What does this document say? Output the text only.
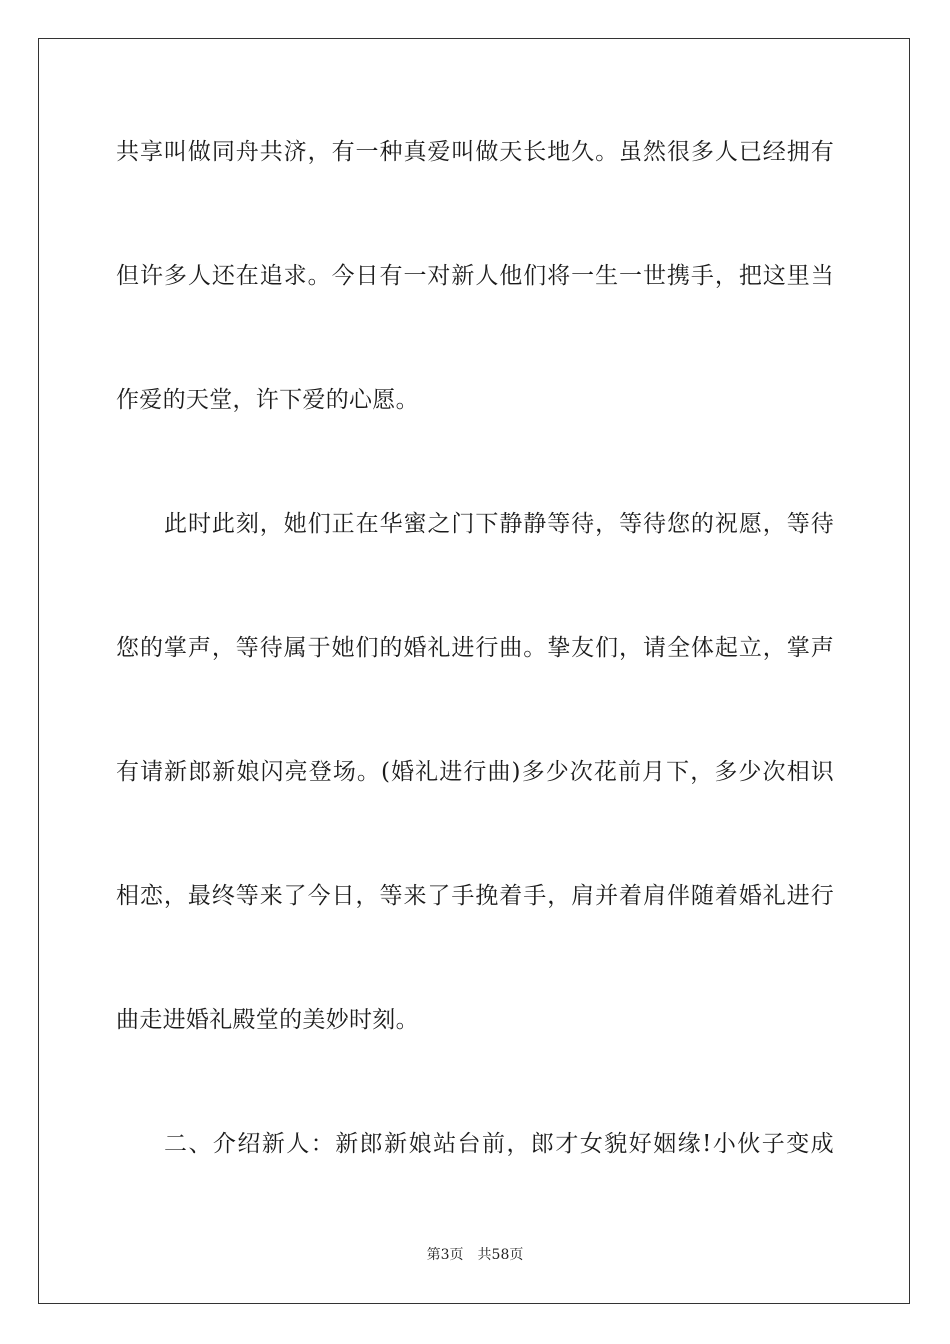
共享叫做同舟共济，有一种真爱叫做天长地久。虽然很多人已经拥有
但许多人还在追求。今日有一对新人他们将一生一世携手，把这里当
作爱的天堂，许下爱的心愿。
此时此刻，她们正在华蜜之门下静静等待，等待您的祝愿，等待
您的掌声，等待属于她们的婚礼进行曲。挚友们，请全体起立，掌声
有请新郎新娘闪亮登场。(婚礼进行曲)多少次花前月下，多少次相识
相恋，最终等来了今日，等来了手挽着手，肩并着肩伴随着婚礼进行
曲走进婚礼殿堂的美妙时刻。
二、介绍新人：新郎新娘站台前，郎才女貌好姻缘!小伙子变成
第3页 共58页
